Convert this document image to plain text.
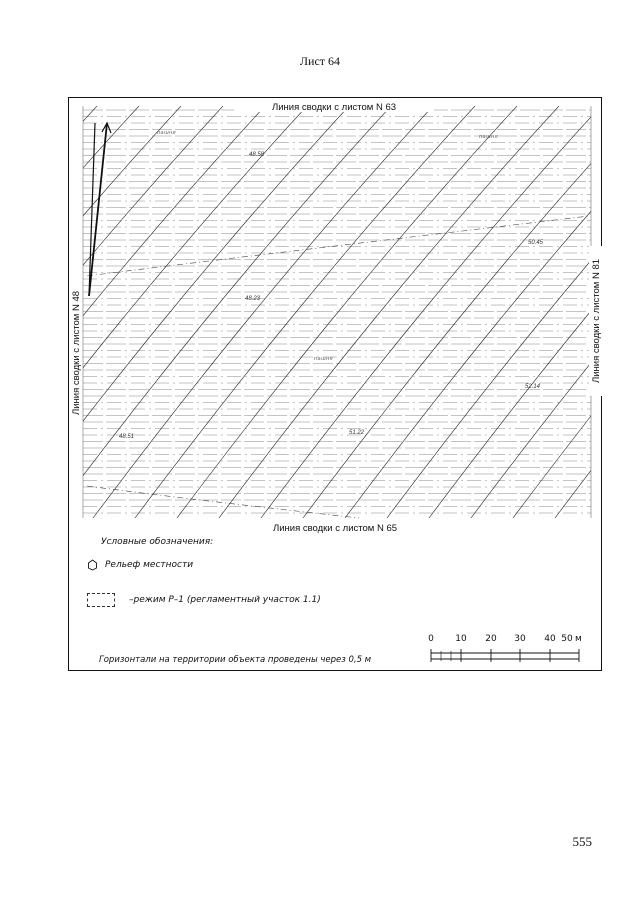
Лист 64
Линия сводки с листом N 63
Линия сводки с листом N 65
Линия сводки с листом N 48	Линия сводки с листом N 81
48.58
50.45
48.23
52.14
48.51
51.22
пашня
пашня
пашня
Условные обозначения:
Рельеф местности
–режим Р–1 (регламентный участок 1.1)
Горизонтали на территории объекта проведены через 0,5 м
0 10 20 30 40 50 м
555
